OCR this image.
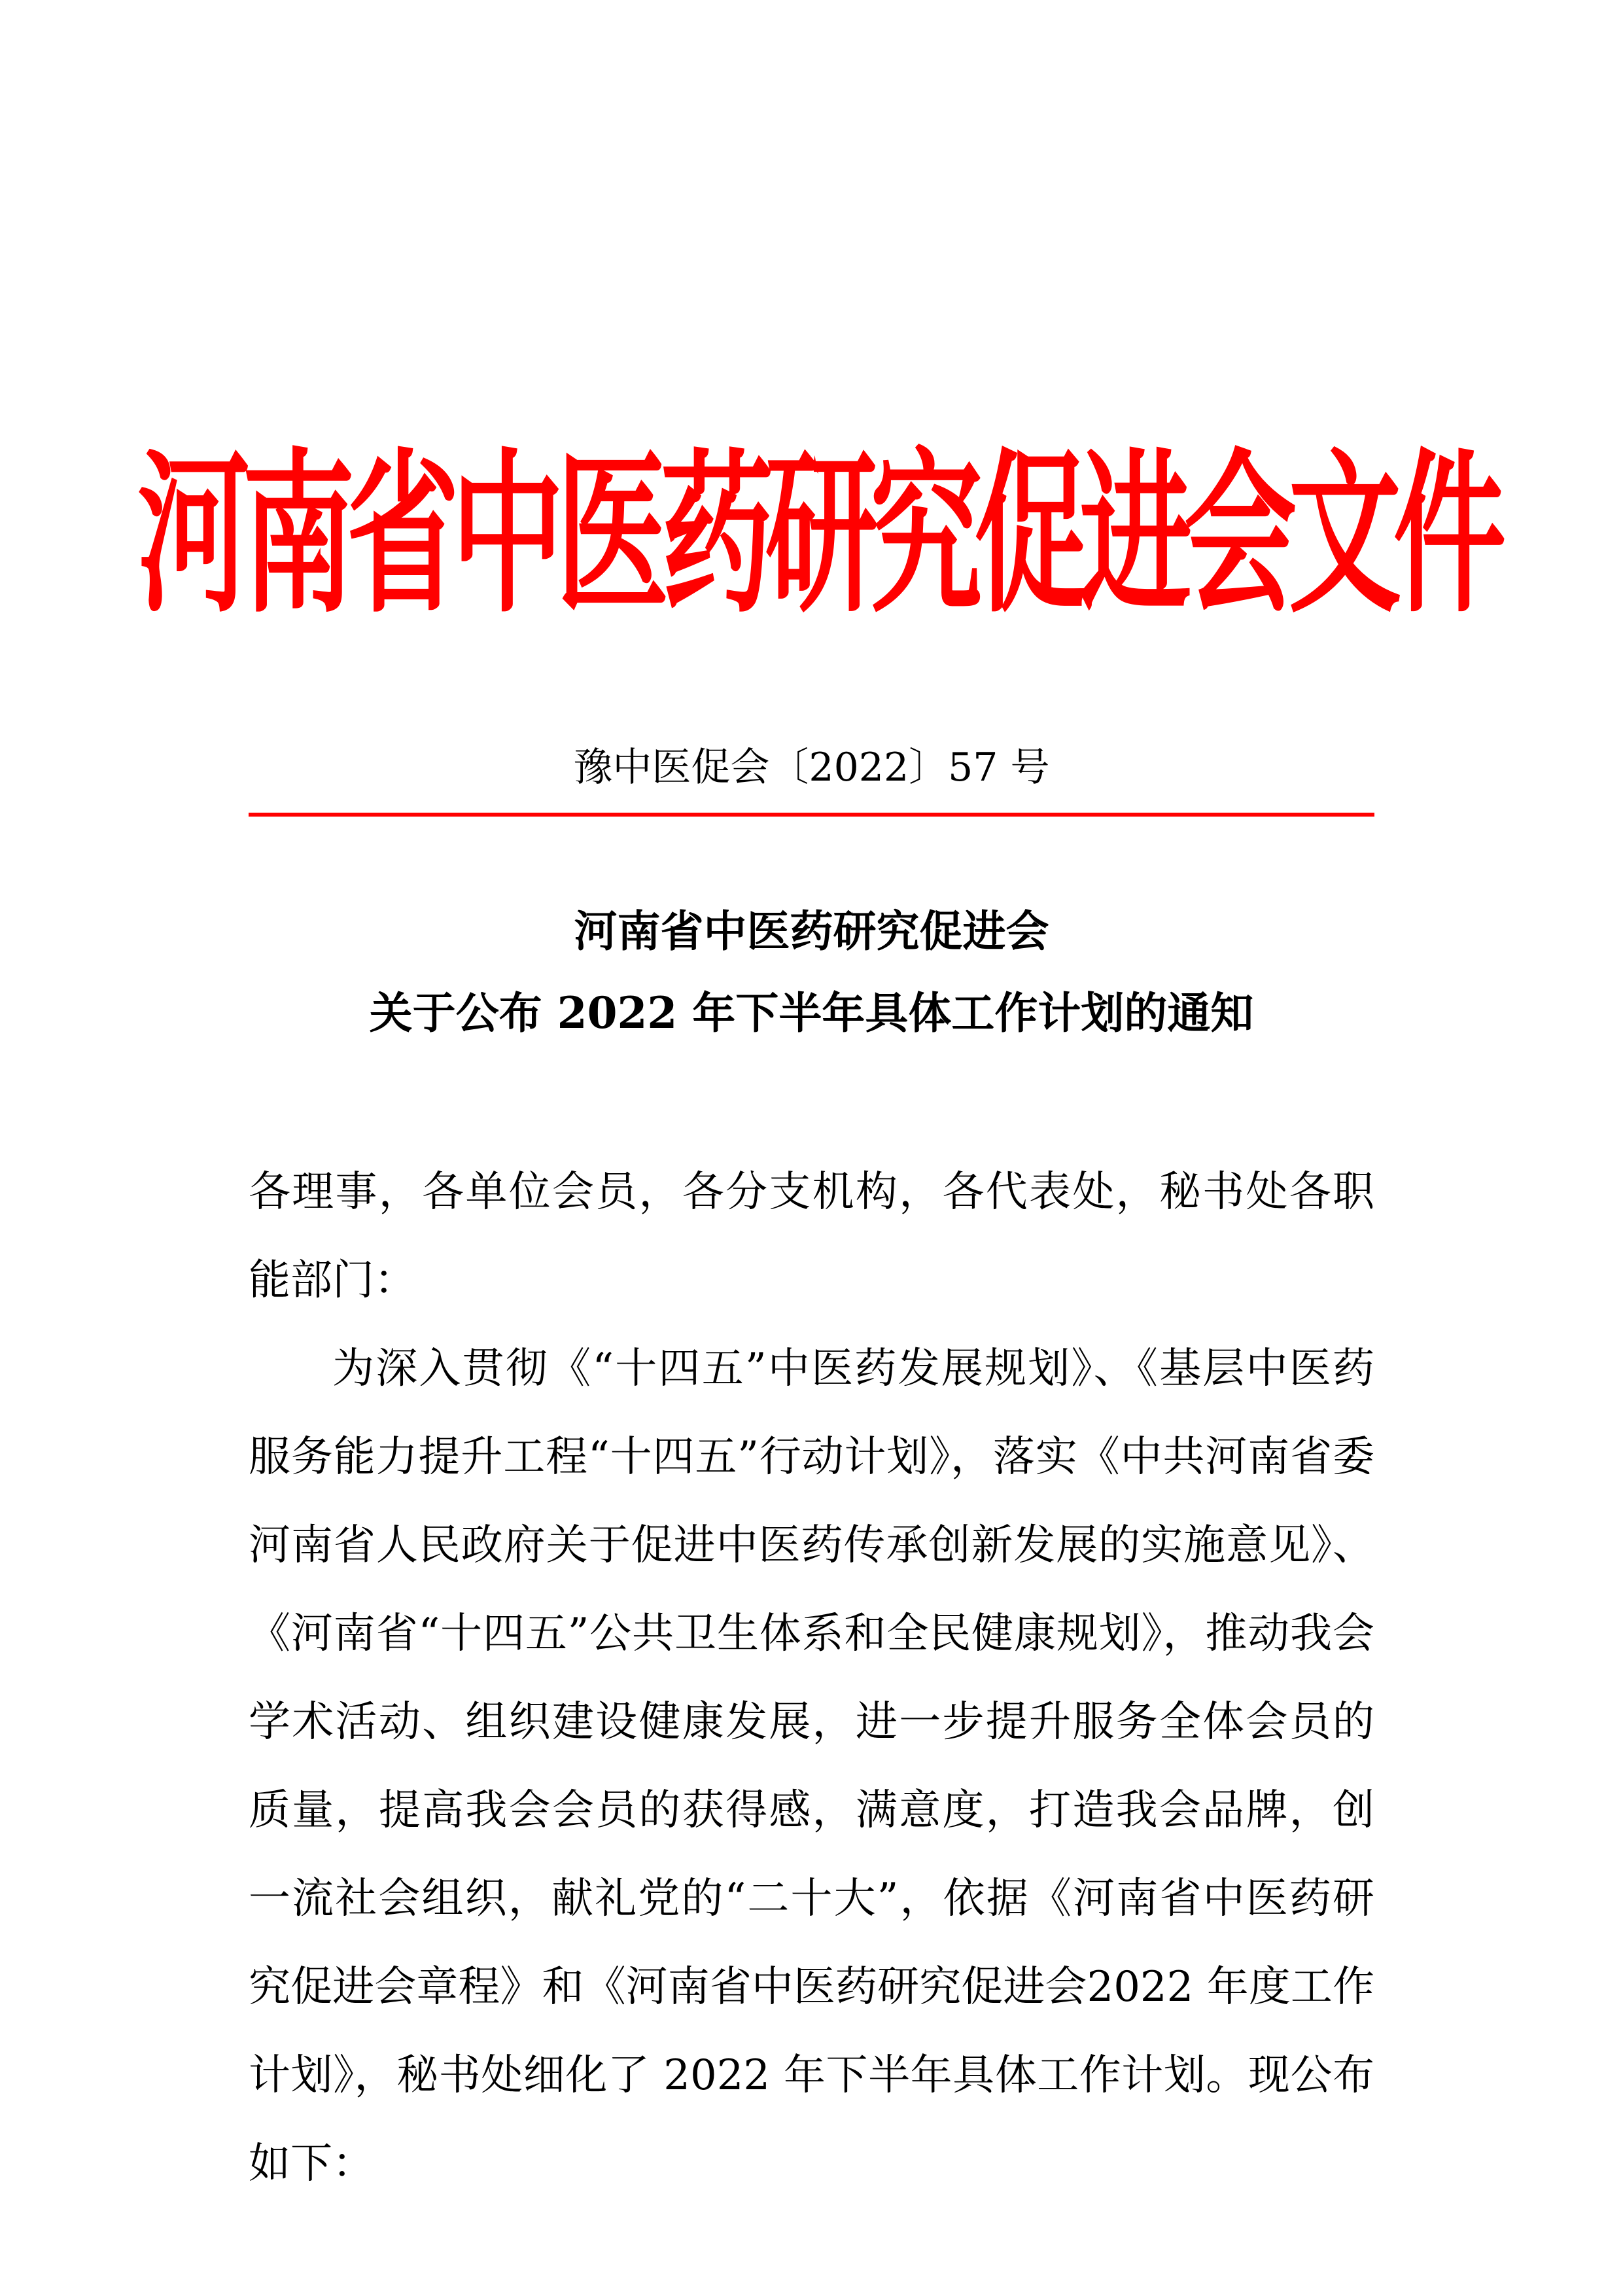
河南省中医药研究促进会文件
豫中医促会〔2022〕57 号
河南省中医药研究促进会
关于公布 2022 年下半年具体工作计划的通知

各理事，各单位会员，各分支机构，各代表处，秘书处各职能部门：

为深入贯彻《“十四五”中医药发展规划》、《基层中医药服务能力提升工程“十四五”行动计划》，落实《中共河南省委 河南省人民政府关于促进中医药传承创新发展的实施意见》、《河南省“十四五”公共卫生体系和全民健康规划》，推动我会学术活动、组织建设健康发展，进一步提升服务全体会员的质量，提高我会会员的获得感，满意度，打造我会品牌，创一流社会组织，献礼党的“二十大”，依据《河南省中医药研究促进会章程》和《河南省中医药研究促进会2022 年度工作计划》，秘书处细化了 2022 年下半年具体工作计划。现公布如下：
